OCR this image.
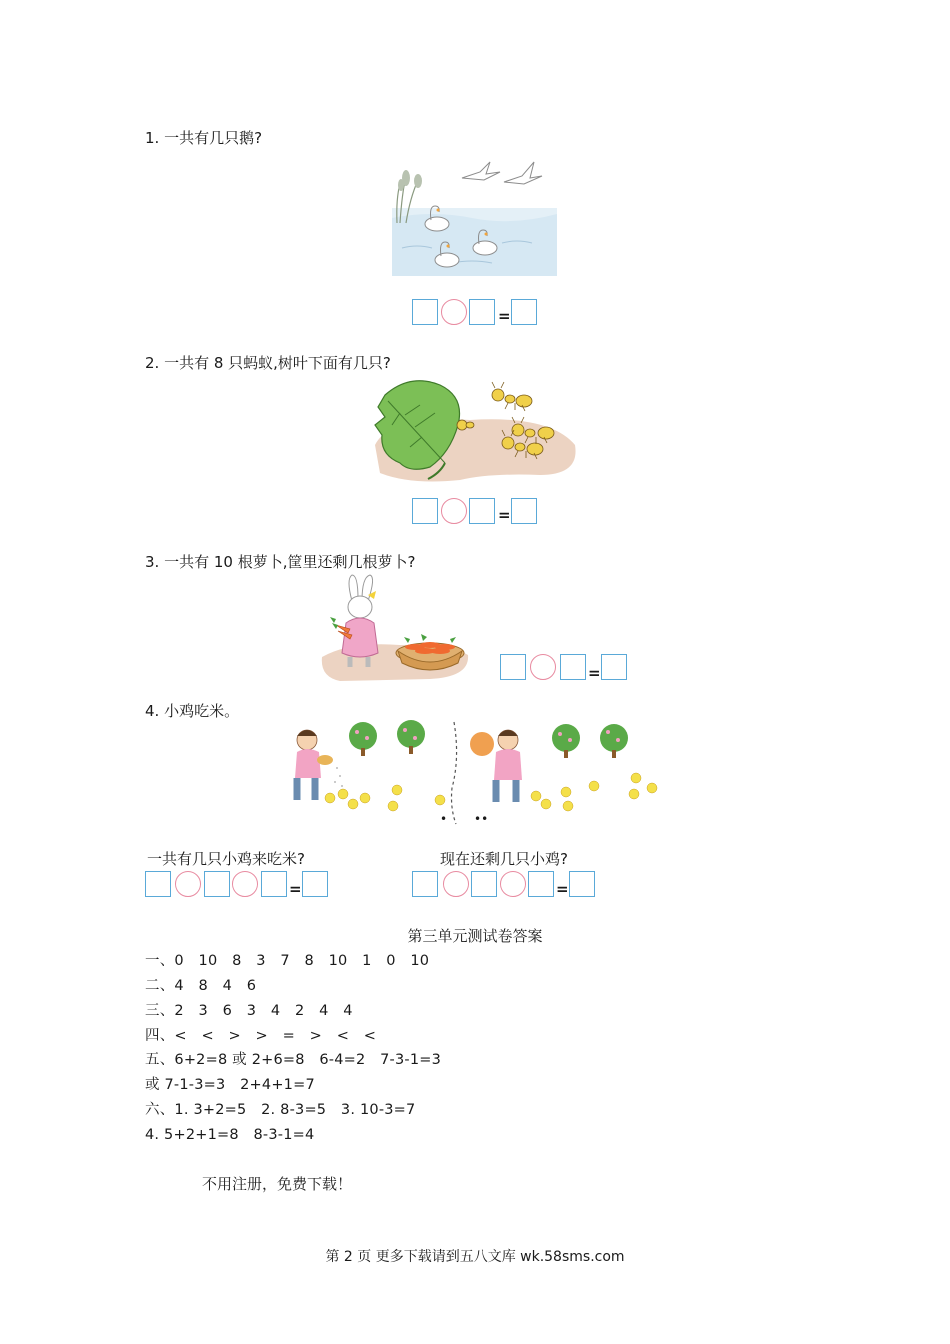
1. 一共有几只鹅?
=
2. 一共有 8 只蚂蚁,树叶下面有几只?
=
3. 一共有 10 根萝卜,筐里还剩几根萝卜?
=
4. 小鸡吃米。
• ••
一共有几只小鸡来吃米?	现在还剩几只小鸡?
=	=
第三单元测试卷答案
一、0　10　8　3　7　8　10　1　0　10
二、4　8　4　6
三、2　3　6　3　4　2　4　4
四、<　<　>　>　=　>　<　<
五、6+2=8 或 2+6=8　6-4=2　7-3-1=3
或 7-1-3=3　2+4+1=7
六、1. 3+2=5　2. 8-3=5　3. 10-3=7
4. 5+2+1=8　8-3-1=4
不用注册，免费下载！
第 2 页 更多下载请到五八文库 wk.58sms.com
